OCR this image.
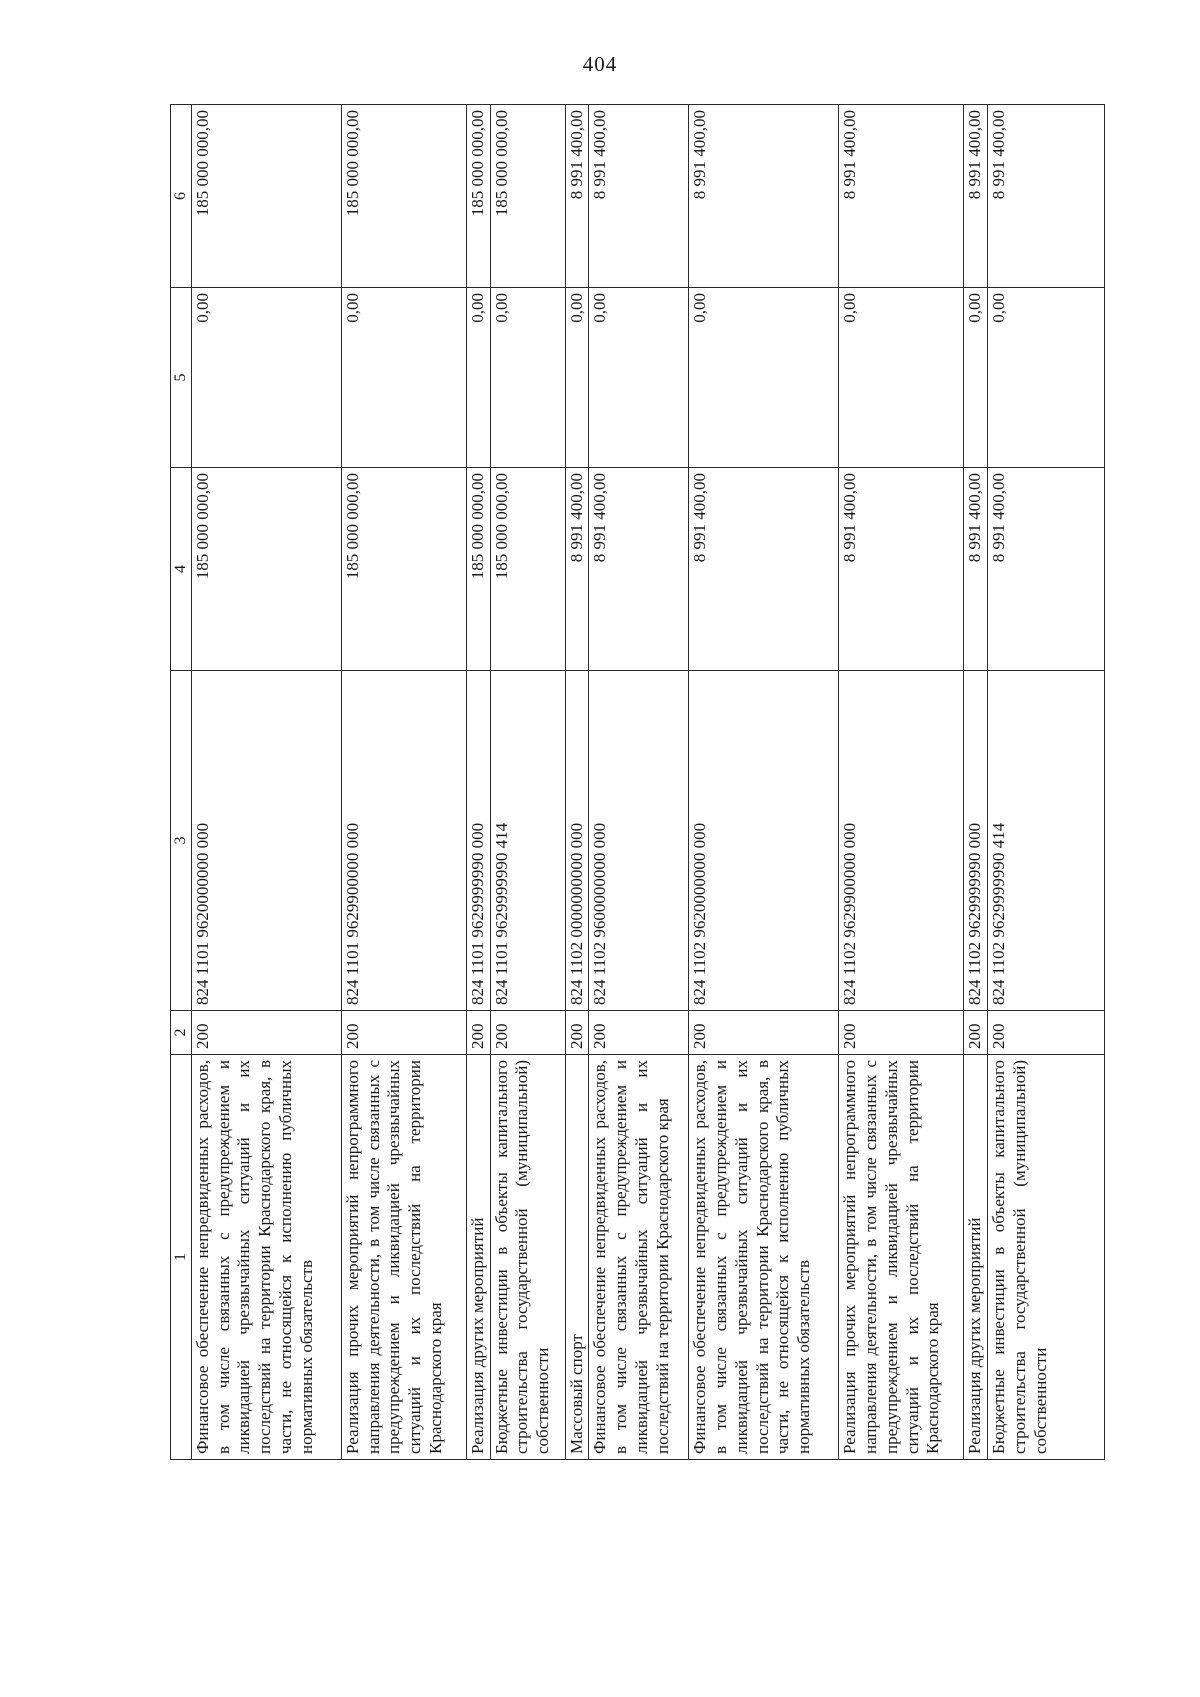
404
1	2	3	4	5	6
Финансовое обеспечение непредвиденных расходов, в том числе связанных с предупреждением и ликвидацией чрезвычайных ситуаций и их последствий на территории Краснодарского края, в части, не относящейся к исполнению публичных нормативных обязательств	200	824 1101 9620000000 000	185 000 000,00	0,00	185 000 000,00
Реализация прочих мероприятий непрограммного направления деятельности, в том числе связанных с предупреждением и ликвидацией чрезвычайных ситуаций и их последствий на территории Краснодарского края	200	824 1101 9629900000 000	185 000 000,00	0,00	185 000 000,00
Реализация других мероприятий	200	824 1101 9629999990 000	185 000 000,00	0,00	185 000 000,00
Бюджетные инвестиции в объекты капитального строительства государственной (муниципальной) собственности	200	824 1101 9629999990 414	185 000 000,00	0,00	185 000 000,00
Массовый спорт	200	824 1102 0000000000 000	8 991 400,00	0,00	8 991 400,00
Финансовое обеспечение непредвиденных расходов, в том числе связанных с предупреждением и ликвидацией чрезвычайных ситуаций и их последствий на территории Краснодарского края	200	824 1102 9600000000 000	8 991 400,00	0,00	8 991 400,00
Финансовое обеспечение непредвиденных расходов, в том числе связанных с предупреждением и ликвидацией чрезвычайных ситуаций и их последствий на территории Краснодарского края, в части, не относящейся к исполнению публичных нормативных обязательств	200	824 1102 9620000000 000	8 991 400,00	0,00	8 991 400,00
Реализация прочих мероприятий непрограммного направления деятельности, в том числе связанных с предупреждением и ликвидацией чрезвычайных ситуаций и их последствий на территории Краснодарского края	200	824 1102 9629900000 000	8 991 400,00	0,00	8 991 400,00
Реализация других мероприятий	200	824 1102 9629999990 000	8 991 400,00	0,00	8 991 400,00
Бюджетные инвестиции в объекты капитального строительства государственной (муниципальной) собственности	200	824 1102 9629999990 414	8 991 400,00	0,00	8 991 400,00
